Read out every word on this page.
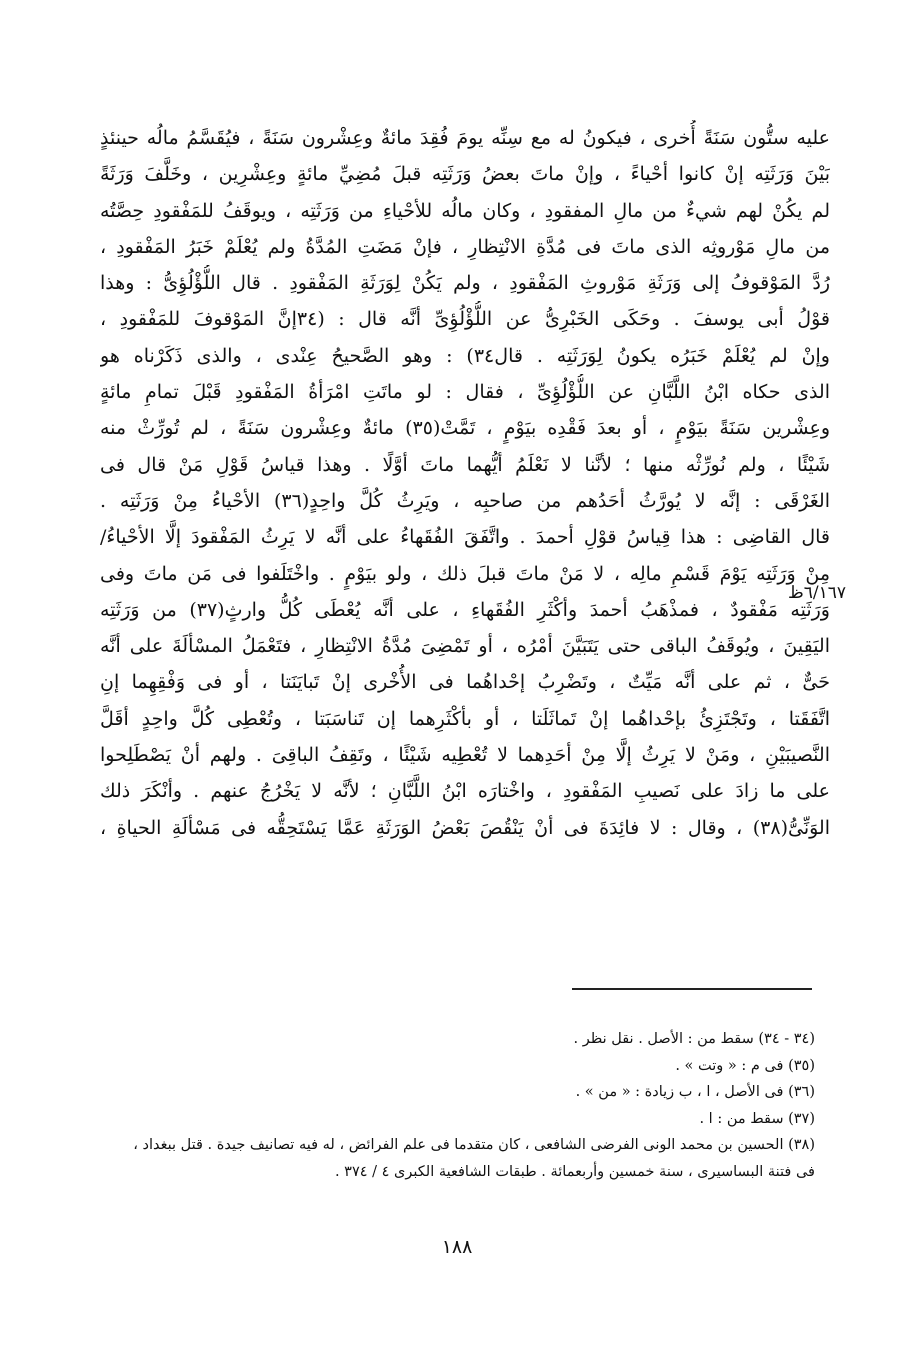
عليه ستُّون سَنَةً أُخرى ، فيكونُ له مع سِنِّه يومَ فُقِدَ مائةٌ وعِشْرون سَنَةً ، فيُقَسَّمُ مالُه حينئذٍ
بَيْنَ وَرَثَتِه إنْ كانوا أحْياءً ، وإنْ ماتَ بعضُ وَرَثَتِه قبلَ مُضِيِّ مائةٍ وعِشْرِين ، وخَلَّفَ وَرَثَةً
لم يكُنْ لهم شيءٌ من مالِ المفقودِ ، وكان مالُه للأحْياءِ من وَرَثَتِه ، ويوقَفُ للمَفْقودِ حِصَّتُه
من مالِ مَوْروثِه الذى ماتَ فى مُدَّةِ الانْتِظارِ ، فإنْ مَضَتِ المُدَّةُ ولم يُعْلَمْ خَبَرُ المَفْقودِ ،
رُدَّ المَوْقوفُ إلى وَرَثَةِ مَوْروثِ المَفْقودِ ، ولم يَكُنْ لِوَرَثَةِ المَفْقودِ . قال اللُّؤْلُؤِىُّ : وهذا
قوْلُ أبى يوسفَ . وحَكَى الخَبْرِىُّ عن اللُّؤْلُؤِىِّ أنَّه قال : (٣٤إنَّ المَوْقوفَ للمَفْقودِ ،
وإنْ لم يُعْلَمْ خَبَرُه يكونُ لِوَرَثَتِه . قال٣٤) : وهو الصَّحيحُ عِنْدى ، والذى ذَكَرْناه هو
الذى حكاه ابْنُ اللَّبَّانِ عن اللُّؤْلُؤِىِّ ، فقال : لو ماتَتِ امْرَأةُ المَفْقودِ قَبْلَ تمامِ مائةٍ
وعِشْرين سَنَةً بيَوْمٍ ، أو بعدَ فَقْدِه بيَوْمٍ ، تَمَّتْ(٣٥) مائةٌ وعِشْرون سَنَةً ، لم تُورِّثْ منه
شَيْئًا ، ولم نُورِّثْه منها ؛ لأنَّنا لا نَعْلَمُ أيُّهما ماتَ أوَّلًا . وهذا قياسُ قَوْلِ مَنْ قال فى
الغَرْقَى : إنَّه لا يُورَّثُ أحَدُهم من صاحبِه ، ويَرِثُ كُلَّ واحِدٍ(٣٦) الأحْياءُ مِنْ وَرَثَتِه .
قال القاضِى : هذا قِياسُ قوْلِ أحمدَ . واتَّفَقَ الفُقَهاءُ على أنَّه لا يَرِثُ المَفْقودَ إلَّا الأحْياءُ/
مِنْ وَرَثَتِه يَوْمَ قَسْمِ مالِه ، لا مَنْ ماتَ قبلَ ذلك ، ولو بيَوْمٍ . واخْتَلَفوا فى مَن ماتَ وفى
وَرَثَتِه مَفْقودٌ ، فمذْهَبُ أحمدَ وأكْثَرِ الفُقَهاءِ ، على أنَّه يُعْطَى كُلُّ وارثٍ(٣٧) من وَرَثَتِه
اليَقِينَ ، ويُوقَفُ الباقى حتى يَتَبَيَّنَ أمْرُه ، أو تَمْضِىَ مُدَّةُ الانْتِظارِ ، فتَعْمَلُ المسْألَةَ على أنَّه
حَىٌّ ، ثم على أنَّه مَيِّتٌ ، وتَضْرِبُ إحْداهُما فى الأُخْرى إنْ تَبايَنَتا ، أو فى وَفْقِهِما إنِ
اتَّفَقَتا ، وتَجْتَزِئُ بإحْداهُما إنْ تَماثَلَتا ، أو بأكْثَرِهما إن تَناسَبَتا ، وتُعْطِى كُلَّ واحِدٍ أقَلَّ
النَّصيبَيْنِ ، ومَنْ لا يَرِثُ إلَّا مِنْ أحَدِهما لا تُعْطِيه شَيْئًا ، وتَقِفُ الباقِىَ . ولهم أنْ يَصْطَلِحوا
على ما زادَ على نَصيبِ المَفْقودِ ، واخْتارَه ابْنُ اللَّبَّانِ ؛ لأنَّه لا يَخْرُجُ عنهم . وأنْكَرَ ذلك
الوَنِّىُّ(٣٨) ، وقال : لا فائِدَةَ فى أنْ يَنْقُصَ بَعْضُ الوَرَثَةِ عَمَّا يَسْتَحِقُّه فى مَسْألَةِ الحياةِ ،
٦/١٦٧ظ
(٣٤ - ٣٤) سقط من : الأصل . نقل نظر .
(٣٥) فى م : « وتت » .
(٣٦) فى الأصل ، ا ، ب زيادة : « من » .
(٣٧) سقط من : ا .
(٣٨) الحسين بن محمد الونى الفرضى الشافعى ، كان متقدما فى علم الفرائض ، له فيه تصانيف جيدة . قتل ببغداد ،
فى فتنة البساسيرى ، سنة خمسين وأربعمائة . طبقات الشافعية الكبرى ٤ / ٣٧٤ .
١٨٨
